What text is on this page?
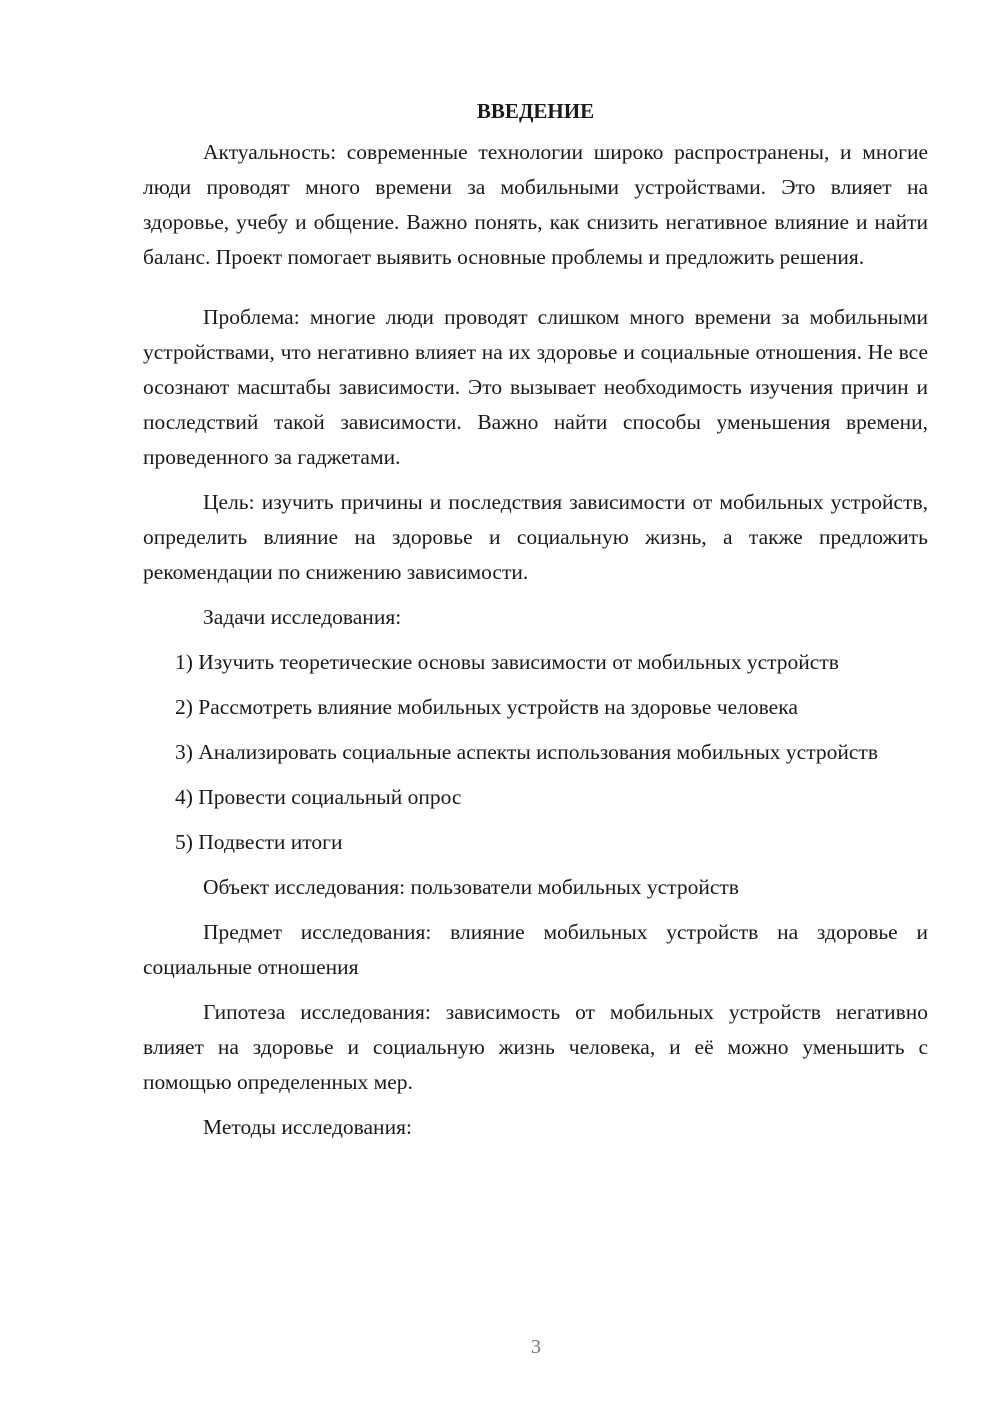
ВВЕДЕНИЕ

Актуальность: современные технологии широко распространены, и многие люди проводят много времени за мобильными устройствами. Это влияет на здоровье, учебу и общение. Важно понять, как снизить негативное влияние и найти баланс. Проект помогает выявить основные проблемы и предложить решения.

Проблема: многие люди проводят слишком много времени за мобильными устройствами, что негативно влияет на их здоровье и социальные отношения. Не все осознают масштабы зависимости. Это вызывает необходимость изучения причин и последствий такой зависимости. Важно найти способы уменьшения времени, проведенного за гаджетами.

Цель: изучить причины и последствия зависимости от мобильных устройств, определить влияние на здоровье и социальную жизнь, а также предложить рекомендации по снижению зависимости.

Задачи исследования:

1) Изучить теоретические основы зависимости от мобильных устройств

2) Рассмотреть влияние мобильных устройств на здоровье человека

3) Анализировать социальные аспекты использования мобильных устройств

4) Провести социальный опрос

5) Подвести итоги

Объект исследования: пользователи мобильных устройств

Предмет исследования: влияние мобильных устройств на здоровье и социальные отношения

Гипотеза исследования: зависимость от мобильных устройств негативно влияет на здоровье и социальную жизнь человека, и её можно уменьшить с помощью определенных мер.

Методы исследования:

3
